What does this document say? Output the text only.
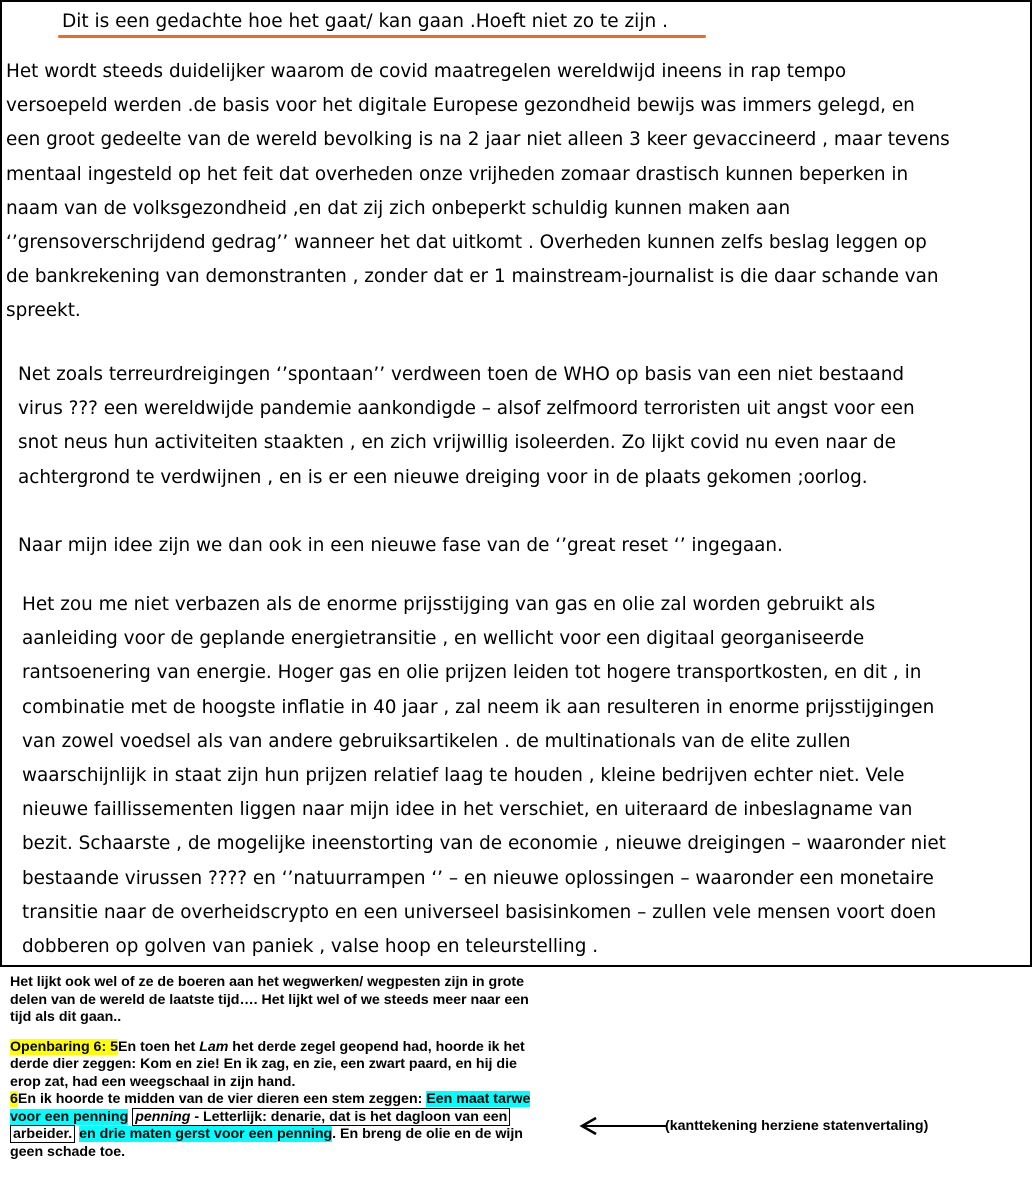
Dit is een gedachte hoe het gaat/ kan gaan .Hoeft niet zo te zijn .
Het wordt steeds duidelijker waarom de covid maatregelen wereldwijd ineens in rap tempo
versoepeld werden .de basis voor het digitale Europese gezondheid bewijs was immers gelegd, en
een groot gedeelte van de wereld bevolking is na 2 jaar niet alleen 3 keer gevaccineerd , maar tevens
mentaal ingesteld op het feit dat overheden onze vrijheden zomaar drastisch kunnen beperken in
naam van de volksgezondheid ,en dat zij zich onbeperkt schuldig kunnen maken aan
‘’grensoverschrijdend gedrag’’ wanneer het dat uitkomt . Overheden kunnen zelfs beslag leggen op
de bankrekening van demonstranten , zonder dat er 1 mainstream-journalist is die daar schande van
spreekt.
Net zoals terreurdreigingen ‘’spontaan’’ verdween toen de WHO op basis van een niet bestaand
virus ??? een wereldwijde pandemie aankondigde – alsof zelfmoord terroristen uit angst voor een
snot neus hun activiteiten staakten , en zich vrijwillig isoleerden. Zo lijkt covid nu even naar de
achtergrond te verdwijnen , en is er een nieuwe dreiging voor in de plaats gekomen ;oorlog.
Naar mijn idee zijn we dan ook in een nieuwe fase van de ‘’great reset ‘’ ingegaan.
Het zou me niet verbazen als de enorme prijsstijging van gas en olie zal worden gebruikt als
aanleiding voor de geplande energietransitie , en wellicht voor een digitaal georganiseerde
rantsoenering van energie. Hoger gas en olie prijzen leiden tot hogere transportkosten, en dit , in
combinatie met de hoogste inflatie in 40 jaar , zal neem ik aan resulteren in enorme prijsstijgingen
van zowel voedsel als van andere gebruiksartikelen . de multinationals van de elite zullen
waarschijnlijk in staat zijn hun prijzen relatief laag te houden , kleine bedrijven echter niet. Vele
nieuwe faillissementen liggen naar mijn idee in het verschiet, en uiteraard de inbeslagname van
bezit. Schaarste , de mogelijke ineenstorting van de economie , nieuwe dreigingen – waaronder niet
bestaande virussen ???? en ‘’natuurrampen ‘’ – en nieuwe oplossingen – waaronder een monetaire
transitie naar de overheidscrypto en een universeel basisinkomen – zullen vele mensen voort doen
dobberen op golven van paniek , valse hoop en teleurstelling .
Het lijkt ook wel of ze de boeren aan het wegwerken/ wegpesten zijn in grote
delen van de wereld de laatste tijd…. Het lijkt wel of we steeds meer naar een
tijd als dit gaan..
Openbaring 6: 5En toen het Lam het derde zegel geopend had, hoorde ik het
derde dier zeggen: Kom en zie! En ik zag, en zie, een zwart paard, en hij die
erop zat, had een weegschaal in zijn hand.
6En ik hoorde te midden van de vier dieren een stem zeggen: Een maat tarwe
voor een penning penning - Letterlijk: denarie, dat is het dagloon van een
arbeider. en drie maten gerst voor een penning. En breng de olie en de wijn
geen schade toe.
(kanttekening herziene statenvertaling)
